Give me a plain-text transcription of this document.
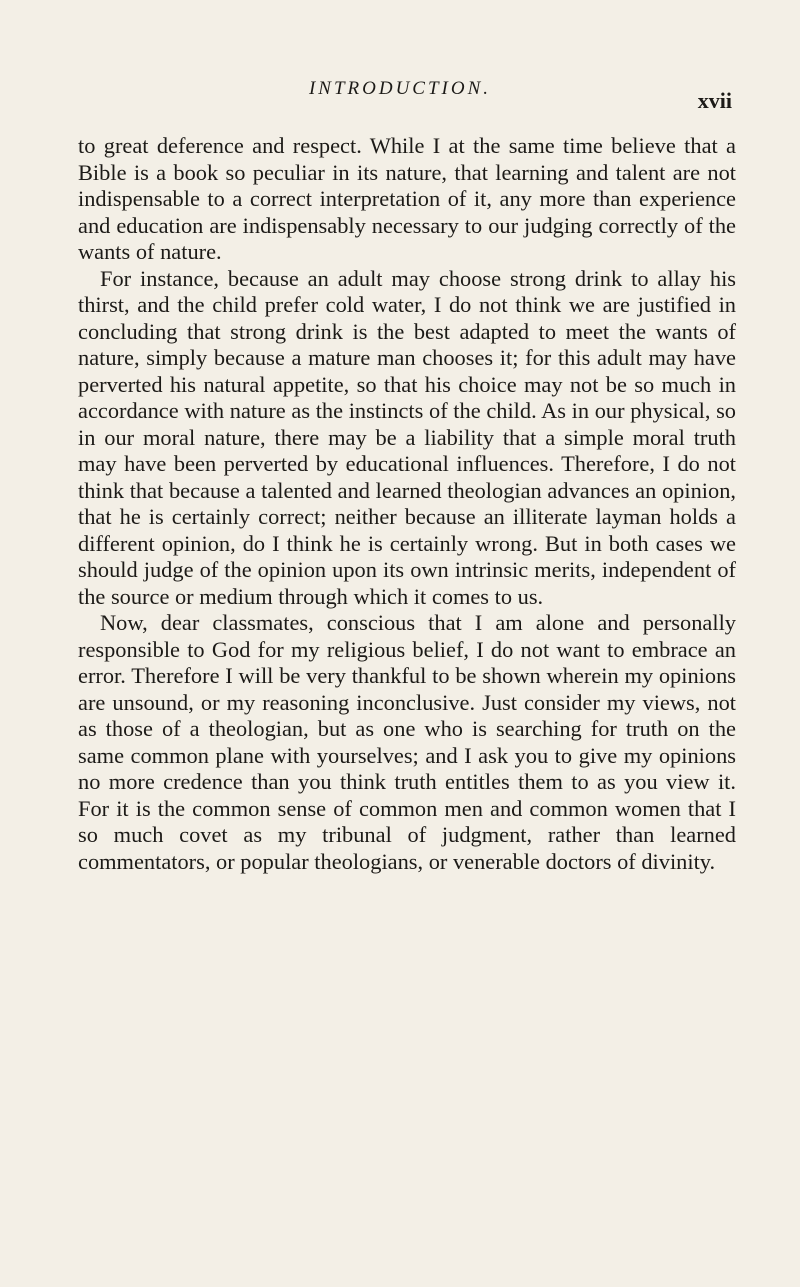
INTRODUCTION.	xvii

to great deference and respect. While I at the same time believe that a Bible is a book so peculiar in its nature, that learning and talent are not indispensable to a correct interpretation of it, any more than experience and education are indispensably necessary to our judging correctly of the wants of nature.

For instance, because an adult may choose strong drink to allay his thirst, and the child prefer cold water, I do not think we are justified in concluding that strong drink is the best adapted to meet the wants of nature, simply because a mature man chooses it; for this adult may have perverted his natural appetite, so that his choice may not be so much in accordance with nature as the instincts of the child. As in our physical, so in our moral nature, there may be a liability that a simple moral truth may have been perverted by educational influences. Therefore, I do not think that because a talented and learned theologian advances an opinion, that he is certainly correct; neither because an illiterate layman holds a different opinion, do I think he is certainly wrong. But in both cases we should judge of the opinion upon its own intrinsic merits, independent of the source or medium through which it comes to us.

Now, dear classmates, conscious that I am alone and personally responsible to God for my religious belief, I do not want to embrace an error. Therefore I will be very thankful to be shown wherein my opinions are unsound, or my reasoning inconclusive. Just consider my views, not as those of a theologian, but as one who is searching for truth on the same common plane with yourselves; and I ask you to give my opinions no more credence than you think truth entitles them to as you view it. For it is the common sense of common men and common women that I so much covet as my tribunal of judgment, rather than learned commentators, or popular theologians, or venerable doctors of divinity.
